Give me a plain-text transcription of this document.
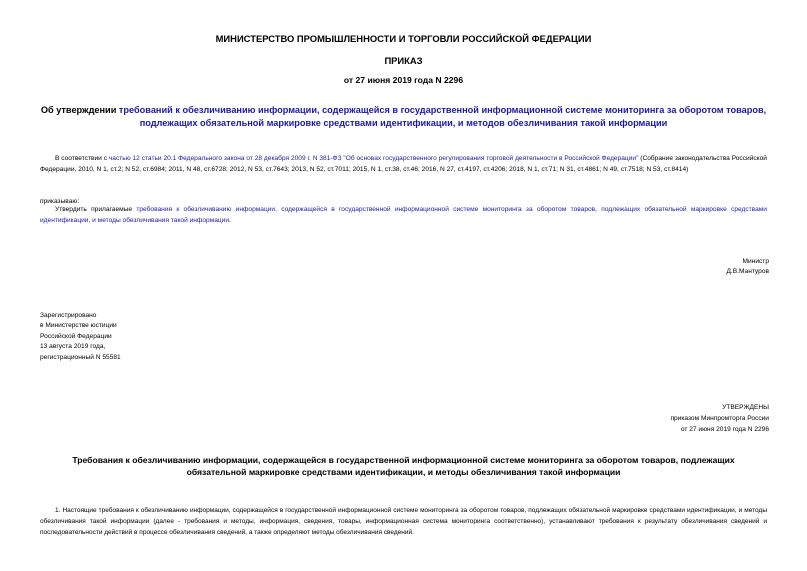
МИНИСТЕРСТВО ПРОМЫШЛЕННОСТИ И ТОРГОВЛИ РОССИЙСКОЙ ФЕДЕРАЦИИ
ПРИКАЗ
от 27 июня 2019 года N 2296
Об утверждении требований к обезличиванию информации, содержащейся в государственной информационной системе мониторинга за оборотом товаров, подлежащих обязательной маркировке средствами идентификации, и методов обезличивания такой информации
В соответствии с частью 12 статьи 20.1 Федерального закона от 28 декабря 2009 г. N 381-ФЗ "Об основах государственного регулирования торговой деятельности в Российской Федерации" (Собрание законодательства Российской Федерации, 2010, N 1, ст.2; N 52, ст.6984; 2011, N 48, ст.6728; 2012, N 53, ст.7643; 2013, N 52, ст.7011; 2015, N 1, ст.38, ст.46; 2016, N 27, ст.4197, ст.4206; 2018, N 1, ст.71; N 31, ст.4861; N 49, ст.7518; N 53, ст.8414)
приказываю:
Утвердить прилагаемые требования к обезличиванию информации, содержащейся в государственной информационной системе мониторинга за оборотом товаров, подлежащих обязательной маркировке средствами идентификации, и методы обезличивания такой информации.
Министр
Д.В.Мантуров
Зарегистрировано
в Министерстве юстиции
Российской Федерации
13 августа 2019 года,
регистрационный N 55581
УТВЕРЖДЕНЫ
приказом Минпромторга России
от 27 июня 2019 года N 2296
Требования к обезличиванию информации, содержащейся в государственной информационной системе мониторинга за оборотом товаров, подлежащих обязательной маркировке средствами идентификации, и методы обезличивания такой информации
1. Настоящие требования к обезличиванию информации, содержащейся в государственной информационной системе мониторинга за оборотом товаров, подлежащих обязательной маркировке средствами идентификации, и методы обезличивания такой информации (далее - требования и методы, информация, сведения, товары, информационная система мониторинга соответственно), устанавливают требования к результату обезличивания сведений и последовательности действий в процессе обезличивания сведений, а также определяют методы обезличивания сведений.
